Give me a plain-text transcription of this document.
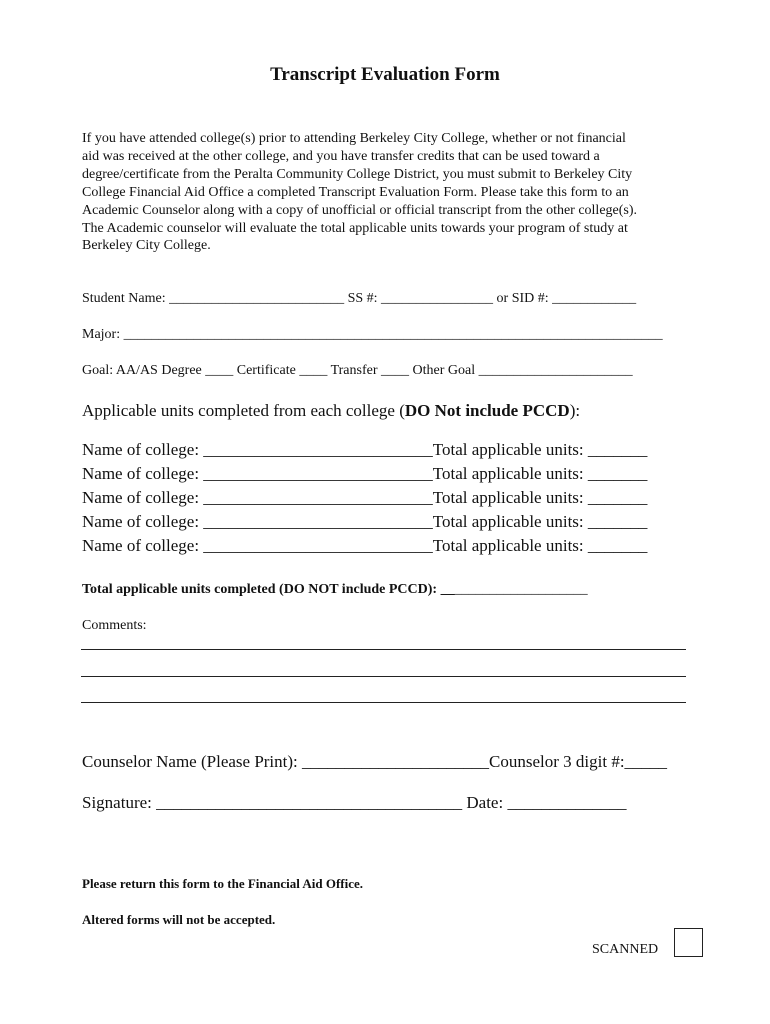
Transcript Evaluation Form
If you have attended college(s) prior to attending Berkeley City College, whether or not financial
aid was received at the other college, and you have transfer credits that can be used toward a
degree/certificate from the Peralta Community College District, you must submit to Berkeley City
College Financial Aid Office a completed Transcript Evaluation Form. Please take this form to an
Academic Counselor along with a copy of unofficial or official transcript from the other college(s).
The Academic counselor will evaluate the total applicable units towards your program of study at
Berkeley City College.
Student Name: _________________________ SS #: ________________ or SID #: ____________
Major: _____________________________________________________________________________
Goal: AA/AS Degree ____ Certificate ____ Transfer ____ Other Goal ______________________
Applicable units completed from each college (DO Not include PCCD):
Name of college: ___________________________Total applicable units: _______
Name of college: ___________________________Total applicable units: _______
Name of college: ___________________________Total applicable units: _______
Name of college: ___________________________Total applicable units: _______
Name of college: ___________________________Total applicable units: _______
Total applicable units completed (DO NOT include PCCD): _____________________
Comments:
Counselor Name (Please Print): ______________________Counselor 3 digit #:_____
Signature: ____________________________________ Date: ______________
Please return this form to the Financial Aid Office.
Altered forms will not be accepted.
SCANNED
